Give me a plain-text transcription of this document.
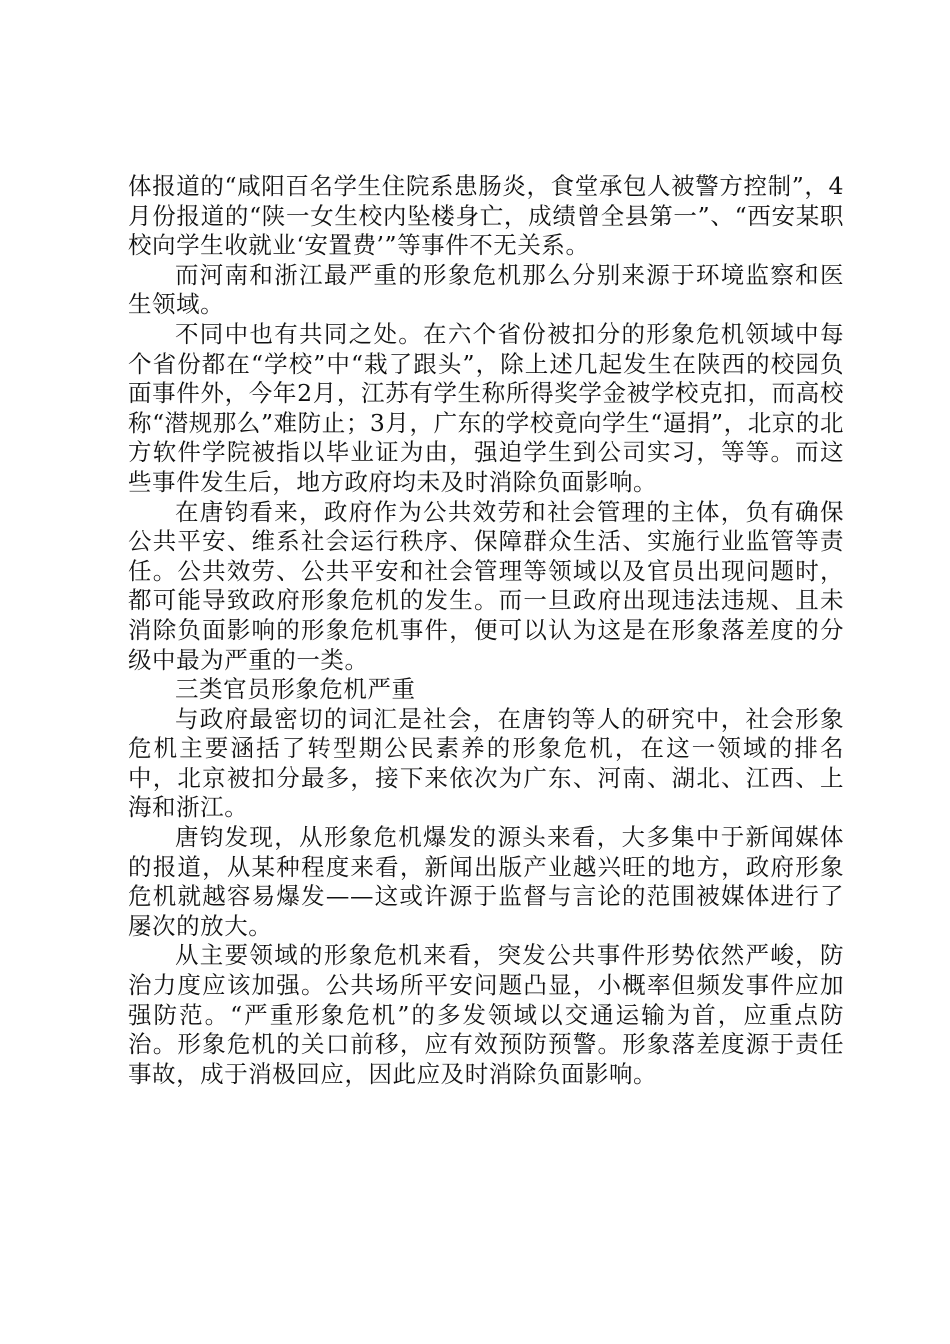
体报道的“咸阳百名学生住院系患肠炎，食堂承包人被警方控制”，4月份报道的“陕一女生校内坠楼身亡，成绩曾全县第一”、“西安某职校向学生收就业‘安置费’”等事件不无关系。

而河南和浙江最严重的形象危机那么分别来源于环境监察和医生领域。

不同中也有共同之处。在六个省份被扣分的形象危机领域中每个省份都在“学校”中“栽了跟头”，除上述几起发生在陕西的校园负面事件外，今年2月，江苏有学生称所得奖学金被学校克扣，而高校称“潜规那么”难防止；3月，广东的学校竟向学生“逼捐”，北京的北方软件学院被指以毕业证为由，强迫学生到公司实习，等等。而这些事件发生后，地方政府均未及时消除负面影响。

在唐钧看来，政府作为公共效劳和社会管理的主体，负有确保公共平安、维系社会运行秩序、保障群众生活、实施行业监管等责任。公共效劳、公共平安和社会管理等领域以及官员出现问题时，都可能导致政府形象危机的发生。而一旦政府出现违法违规、且未消除负面影响的形象危机事件，便可以认为这是在形象落差度的分级中最为严重的一类。

三类官员形象危机严重

与政府最密切的词汇是社会，在唐钧等人的研究中，社会形象危机主要涵括了转型期公民素养的形象危机，在这一领域的排名中，北京被扣分最多，接下来依次为广东、河南、湖北、江西、上海和浙江。

唐钧发现，从形象危机爆发的源头来看，大多集中于新闻媒体的报道，从某种程度来看，新闻出版产业越兴旺的地方，政府形象危机就越容易爆发——这或许源于监督与言论的范围被媒体进行了屡次的放大。

从主要领域的形象危机来看，突发公共事件形势依然严峻，防治力度应该加强。公共场所平安问题凸显，小概率但频发事件应加强防范。“严重形象危机”的多发领域以交通运输为首，应重点防治。形象危机的关口前移，应有效预防预警。形象落差度源于责任事故，成于消极回应，因此应及时消除负面影响。
